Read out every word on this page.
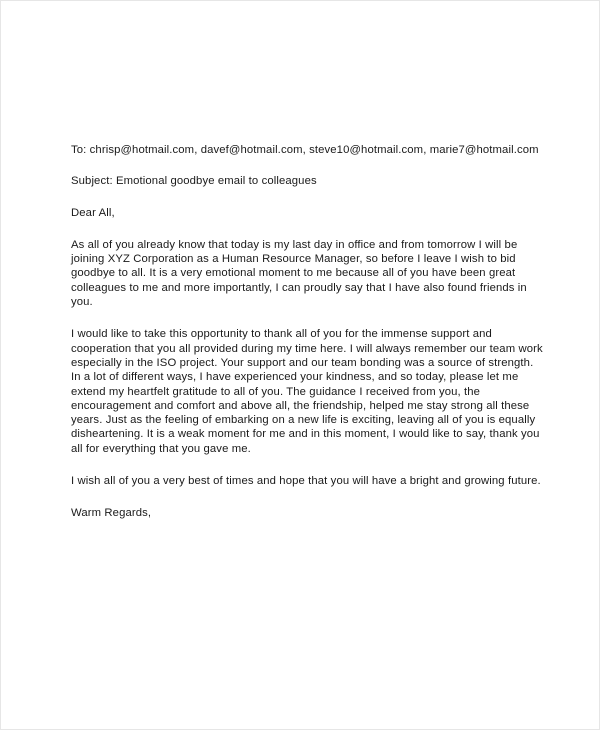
To: chrisp@hotmail.com, davef@hotmail.com, steve10@hotmail.com, marie7@hotmail.com

Subject: Emotional goodbye email to colleagues

Dear All,

As all of you already know that today is my last day in office and from tomorrow I will be joining XYZ Corporation as a Human Resource Manager, so before I leave I wish to bid goodbye to all. It is a very emotional moment to me because all of you have been great colleagues to me and more importantly, I can proudly say that I have also found friends in you.

I would like to take this opportunity to thank all of you for the immense support and cooperation that you all provided during my time here. I will always remember our team work especially in the ISO project. Your support and our team bonding was a source of strength. In a lot of different ways, I have experienced your kindness, and so today, please let me extend my heartfelt gratitude to all of you. The guidance I received from you, the encouragement and comfort and above all, the friendship, helped me stay strong all these years. Just as the feeling of embarking on a new life is exciting, leaving all of you is equally disheartening. It is a weak moment for me and in this moment, I would like to say, thank you all for everything that you gave me.

I wish all of you a very best of times and hope that you will have a bright and growing future.

Warm Regards,
